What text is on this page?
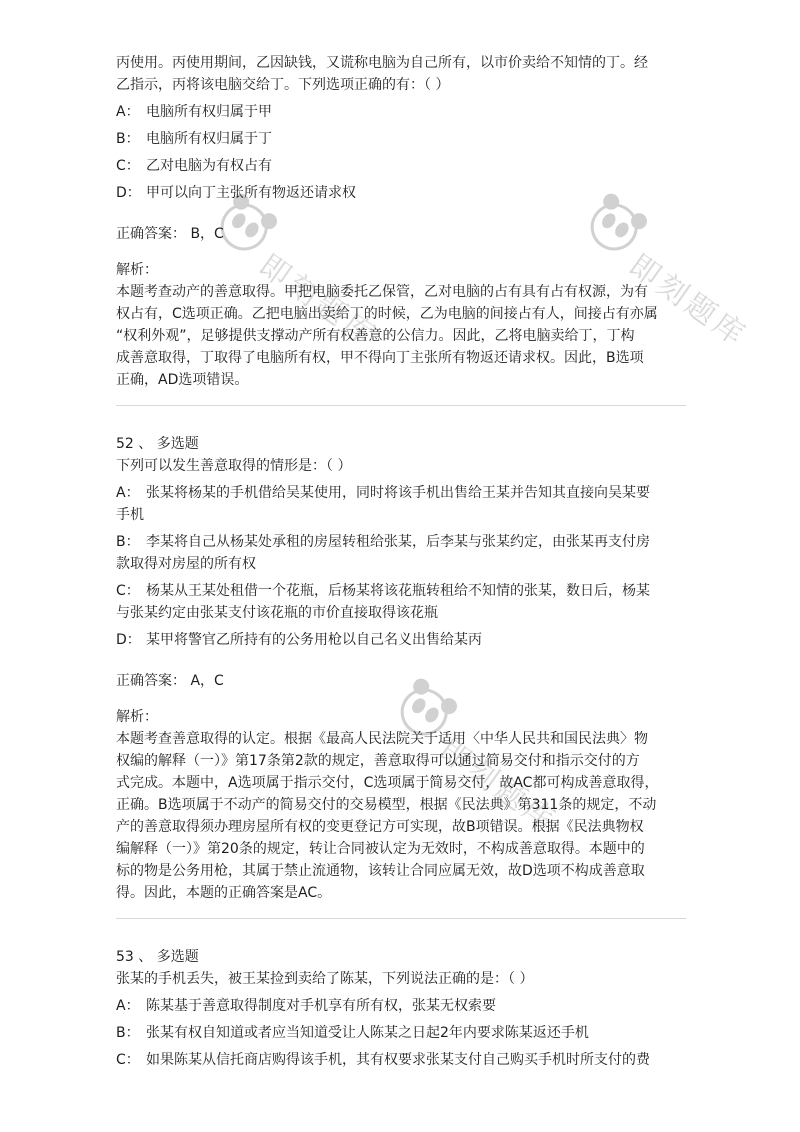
即刻题库	即刻题库
即刻题库

丙使用。丙使用期间，乙因缺钱，又谎称电脑为自己所有，以市价卖给不知情的丁。经

乙指示，丙将该电脑交给丁。下列选项正确的有：（ ）

A： 电脑所有权归属于甲

B： 电脑所有权归属于丁

C： 乙对电脑为有权占有

D： 甲可以向丁主张所有物返还请求权

正确答案： B，C

解析：

本题考查动产的善意取得。甲把电脑委托乙保管，乙对电脑的占有具有占有权源，为有

权占有，C选项正确。乙把电脑出卖给丁的时候，乙为电脑的间接占有人，间接占有亦属

“权利外观”，足够提供支撑动产所有权善意的公信力。因此，乙将电脑卖给丁，丁构

成善意取得，丁取得了电脑所有权，甲不得向丁主张所有物返还请求权。因此，B选项

正确，AD选项错误。

52 、 多选题

下列可以发生善意取得的情形是：（ ）

A： 张某将杨某的手机借给吴某使用，同时将该手机出售给王某并告知其直接向吴某要
手机
B： 李某将自己从杨某处承租的房屋转租给张某，后李某与张某约定，由张某再支付房
款取得对房屋的所有权
C： 杨某从王某处租借一个花瓶，后杨某将该花瓶转租给不知情的张某，数日后，杨某
与张某约定由张某支付该花瓶的市价直接取得该花瓶
D： 某甲将警官乙所持有的公务用枪以自己名义出售给某丙

正确答案： A，C

解析：

本题考查善意取得的认定。根据《最高人民法院关于适用〈中华人民共和国民法典〉物

权编的解释（一）》第17条第2款的规定，善意取得可以通过简易交付和指示交付的方

式完成。本题中，A选项属于指示交付，C选项属于简易交付，故AC都可构成善意取得，

正确。B选项属于不动产的简易交付的交易模型，根据《民法典》第311条的规定，不动

产的善意取得须办理房屋所有权的变更登记方可实现，故B项错误。根据《民法典物权

编解释（一）》第20条的规定，转让合同被认定为无效时，不构成善意取得。本题中的

标的物是公务用枪，其属于禁止流通物，该转让合同应属无效，故D选项不构成善意取

得。因此，本题的正确答案是AC。

53 、 多选题

张某的手机丢失，被王某捡到卖给了陈某，下列说法正确的是：（ ）

A： 陈某基于善意取得制度对手机享有所有权，张某无权索要

B： 张某有权自知道或者应当知道受让人陈某之日起2年内要求陈某返还手机

C： 如果陈某从信托商店购得该手机，其有权要求张某支付自己购买手机时所支付的费
